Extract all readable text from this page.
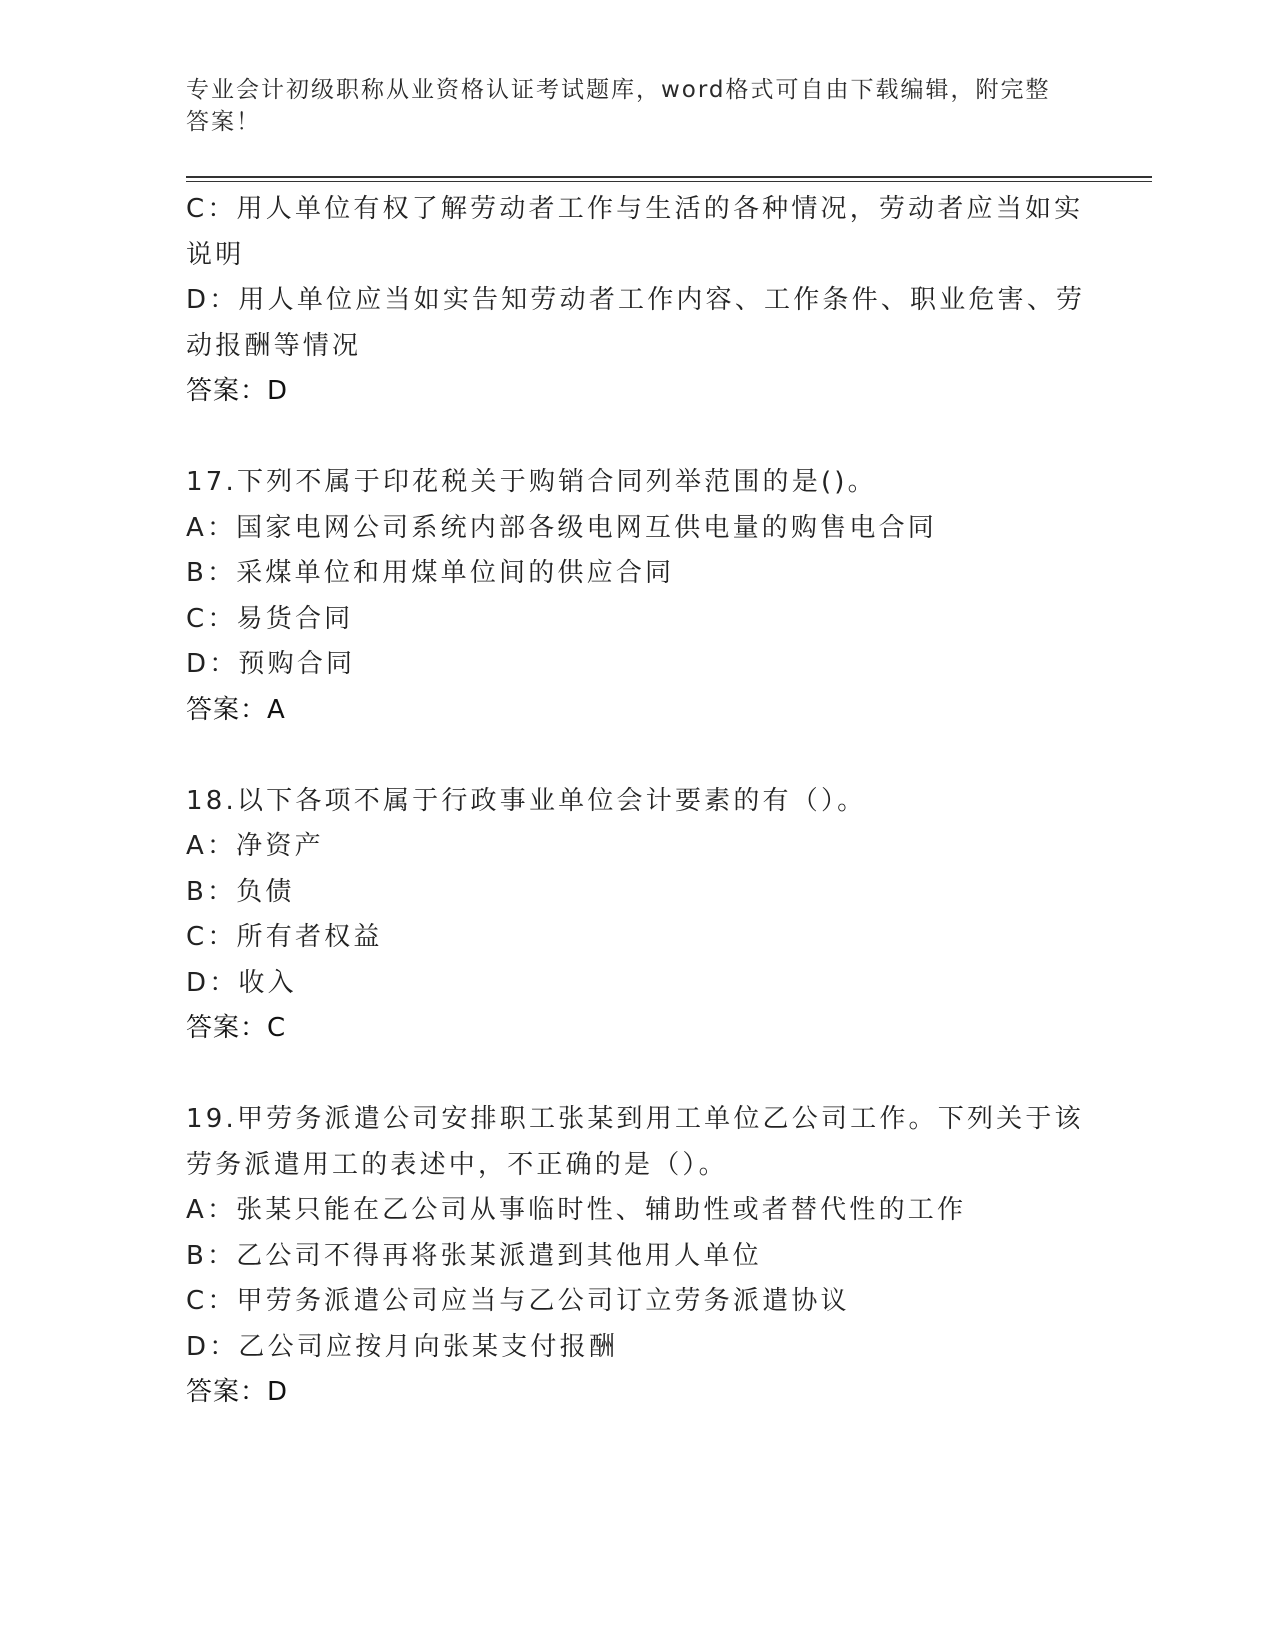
专业会计初级职称从业资格认证考试题库，word格式可自由下载编辑，附完整答案！
C：用人单位有权了解劳动者工作与生活的各种情况，劳动者应当如实
说明
D：用人单位应当如实告知劳动者工作内容、工作条件、职业危害、劳
动报酬等情况
答案：D
17.下列不属于印花税关于购销合同列举范围的是()。
A：国家电网公司系统内部各级电网互供电量的购售电合同
B：采煤单位和用煤单位间的供应合同
C：易货合同
D：预购合同
答案：A
18.以下各项不属于行政事业单位会计要素的有（）。
A：净资产
B：负债
C：所有者权益
D：收入
答案：C
19.甲劳务派遣公司安排职工张某到用工单位乙公司工作。下列关于该
劳务派遣用工的表述中，不正确的是（）。
A：张某只能在乙公司从事临时性、辅助性或者替代性的工作
B：乙公司不得再将张某派遣到其他用人单位
C：甲劳务派遣公司应当与乙公司订立劳务派遣协议
D：乙公司应按月向张某支付报酬
答案：D
